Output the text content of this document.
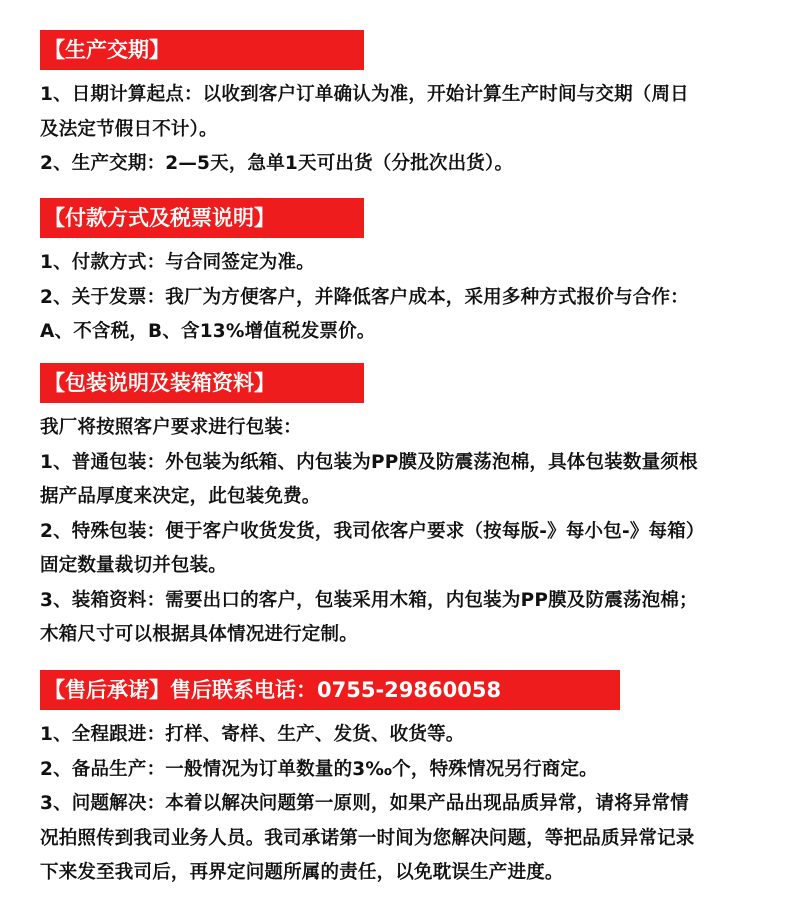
【生产交期】
1、日期计算起点：以收到客户订单确认为准，开始计算生产时间与交期（周日
及法定节假日不计）。
2、生产交期：2—5天，急单1天可出货（分批次出货）。
【付款方式及税票说明】
1、付款方式：与合同签定为准。
2、关于发票：我厂为方便客户，并降低客户成本，采用多种方式报价与合作：
A、不含税，B、含13%增值税发票价。
【包装说明及装箱资料】
我厂将按照客户要求进行包装：
1、普通包装：外包装为纸箱、内包装为PP膜及防震荡泡棉，具体包装数量须根
据产品厚度来决定，此包装免费。
2、特殊包装：便于客户收货发货，我司依客户要求（按每版-》每小包-》每箱）
固定数量裁切并包装。
3、装箱资料：需要出口的客户，包装采用木箱，内包装为PP膜及防震荡泡棉；
木箱尺寸可以根据具体情况进行定制。
【售后承诺】售后联系电话：0755-29860058
1、全程跟进：打样、寄样、生产、发货、收货等。
2、备品生产：一般情况为订单数量的3‰个，特殊情况另行商定。
3、问题解决：本着以解决问题第一原则，如果产品出现品质异常，请将异常情
况拍照传到我司业务人员。我司承诺第一时间为您解决问题，等把品质异常记录
下来发至我司后，再界定问题所属的责任，以免耽误生产进度。
